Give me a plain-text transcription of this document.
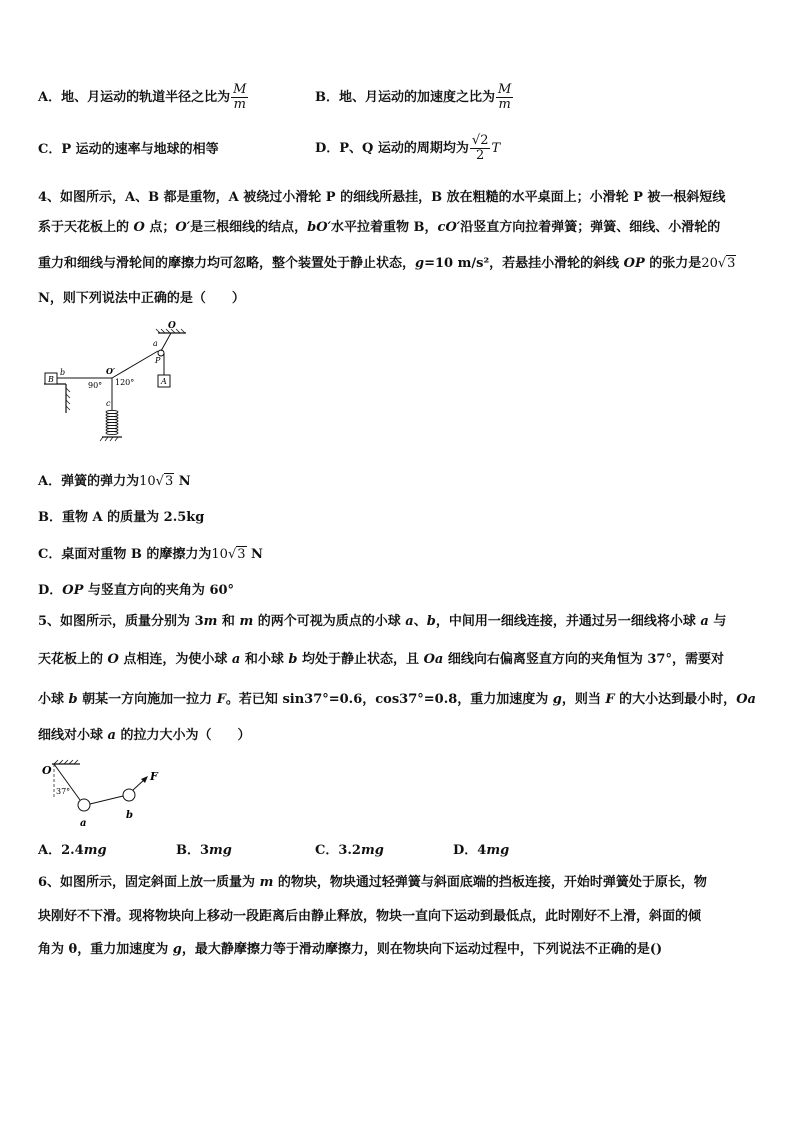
A．地、月运动的轨道半径之比为 $\frac{M}{m}$	B．地、月运动的加速度之比为 $\frac{M}{m}$
C．P 运动的速率与地球的相等	D．P、Q 运动的周期均为 $\frac{√2}{2}$ T
4、如图所示，A、B 都是重物，A 被绕过小滑轮 P 的细线所悬挂，B 放在粗糙的水平桌面上；小滑轮 P 被一根斜短线
系于天花板上的 O 点；O′是三根细线的结点，bO′水平拉着重物 B，cO′沿竖直方向拉着弹簧；弹簧、细线、小滑轮的
重力和细线与滑轮间的摩擦力均可忽略，整个装置处于静止状态，g=10 m/s²，若悬挂小滑轮的斜线 OP 的张力是20√3
N，则下列说法中正确的是（　　）
O
a
P
A
B
b	O′
90° 120°
c
A．弹簧的弹力为10√3 N
B．重物 A 的质量为 2.5kg
C．桌面对重物 B 的摩擦力为10√3 N
D．OP 与竖直方向的夹角为 60°
5、如图所示，质量分别为 3m 和 m 的两个可视为质点的小球 a、b，中间用一细线连接，并通过另一细线将小球 a 与
天花板上的 O 点相连，为使小球 a 和小球 b 均处于静止状态，且 Oa 细线向右偏离竖直方向的夹角恒为 37°，需要对
小球 b 朝某一方向施加一拉力 F。若已知 sin37°=0.6，cos37°=0.8，重力加速度为 g，则当 F 的大小达到最小时，Oa
细线对小球 a 的拉力大小为（　　）
O
37°
F
a
b
A．2.4mg	B．3mg	C．3.2mg	D．4mg
6、如图所示，固定斜面上放一质量为 m 的物块，物块通过轻弹簧与斜面底端的挡板连接，开始时弹簧处于原长，物
块刚好不下滑。现将物块向上移动一段距离后由静止释放，物块一直向下运动到最低点，此时刚好不上滑，斜面的倾
角为 θ，重力加速度为 g，最大静摩擦力等于滑动摩擦力，则在物块向下运动过程中，下列说法不正确的是()
